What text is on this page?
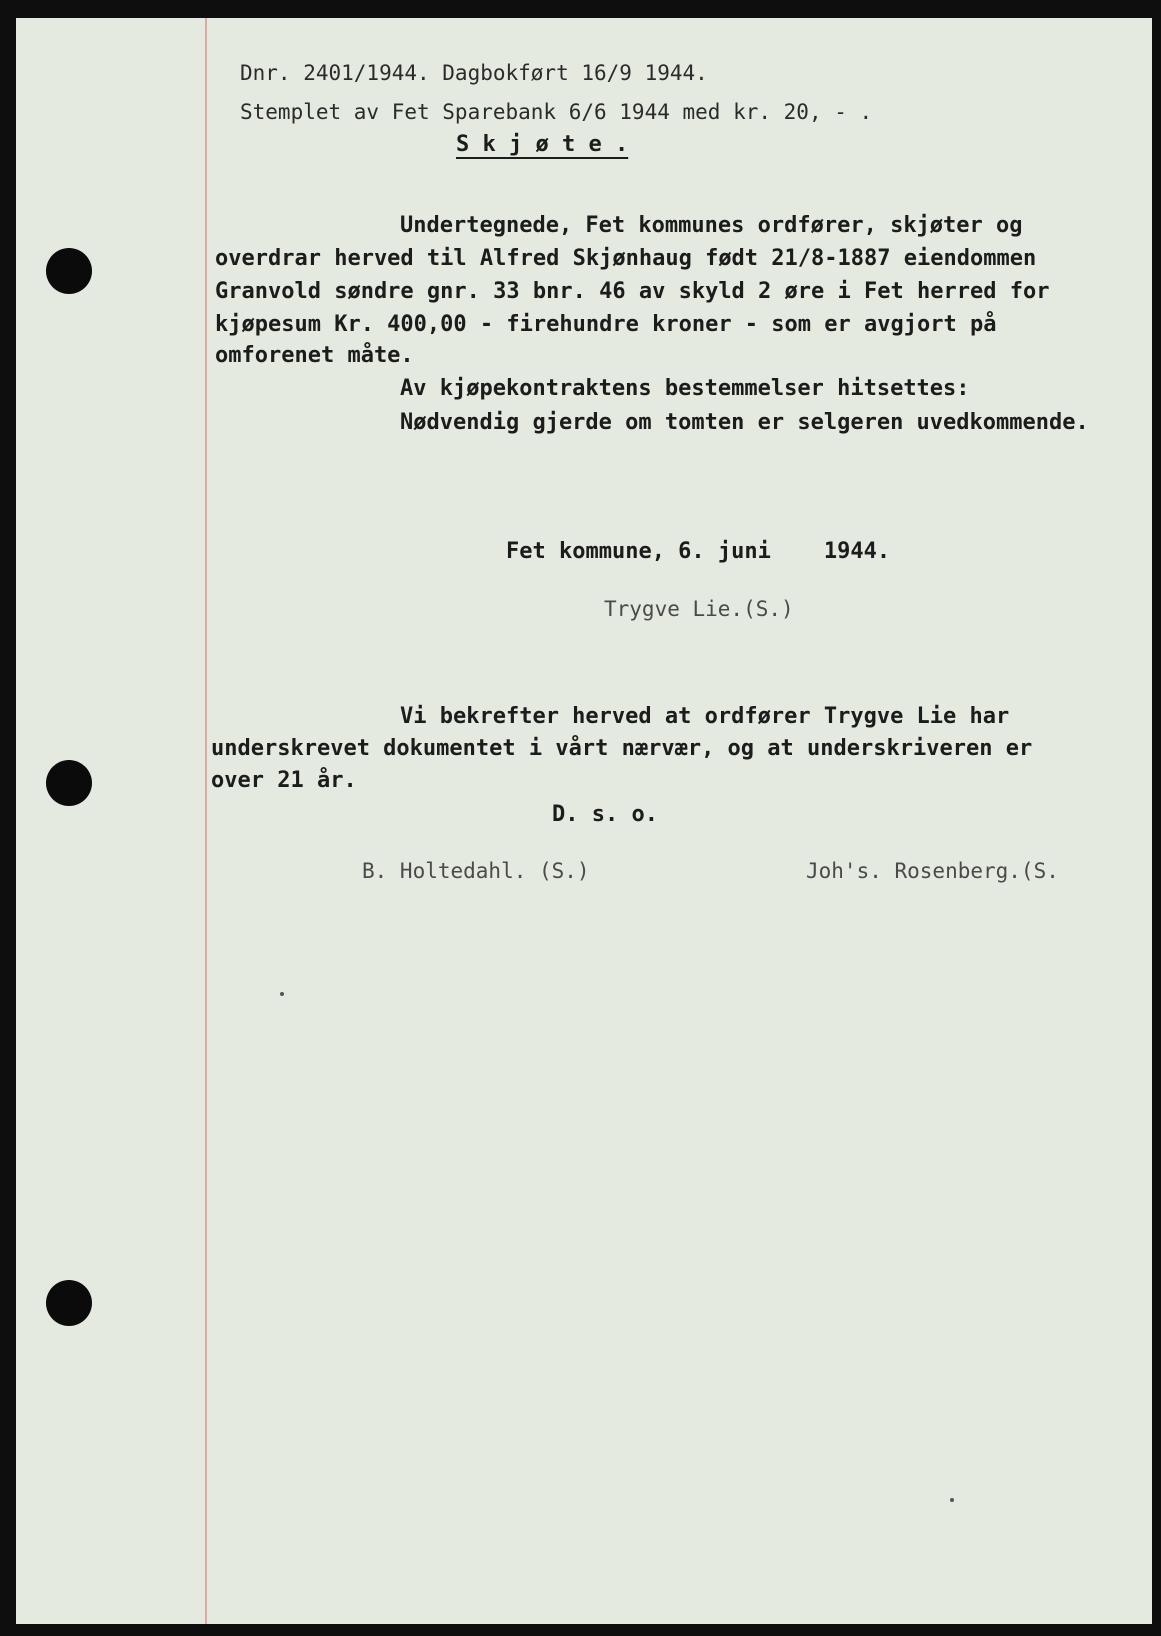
Dnr. 2401/1944. Dagbokført 16/9 1944.
Stemplet av Fet Sparebank 6/6 1944 med kr. 20, - .
S k j ø t e .
Undertegnede, Fet kommunes ordfører, skjøter og
overdrar herved til Alfred Skjønhaug født 21/8-1887 eiendommen
Granvold søndre gnr. 33 bnr. 46 av skyld 2 øre i Fet herred for
kjøpesum Kr. 400,00 - firehundre kroner - som er avgjort på
omforenet måte.
Av kjøpekontraktens bestemmelser hitsettes:
Nødvendig gjerde om tomten er selgeren uvedkommende.
Fet kommune, 6. juni    1944.
Trygve Lie.(S.)
Vi bekrefter herved at ordfører Trygve Lie har
underskrevet dokumentet i vårt nærvær, og at underskriveren er
over 21 år.
D. s. o.
B. Holtedahl. (S.)	Joh's. Rosenberg.(S.
